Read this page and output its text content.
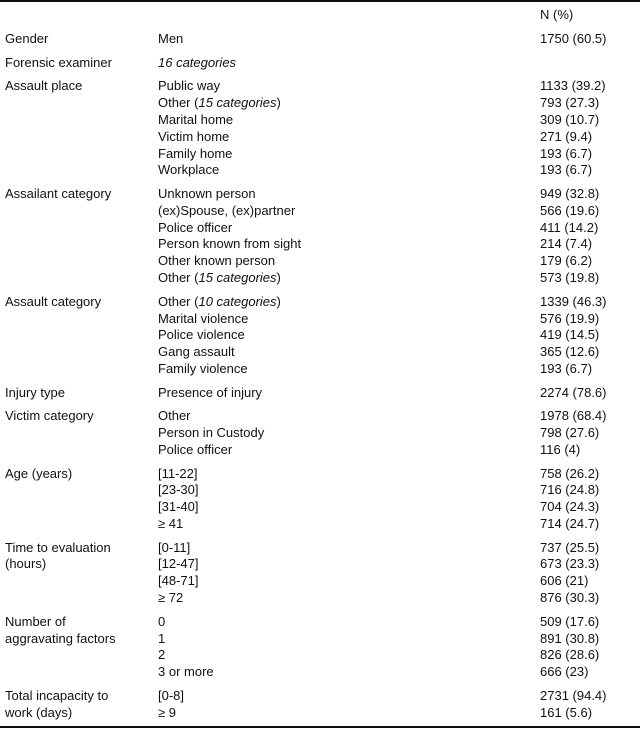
N (%)
Gender	Men	1750 (60.5)
Forensic examiner	16 categories
Assault place	Public way	1133 (39.2)
Other (15 categories)	793 (27.3)
Marital home	309 (10.7)
Victim home	271 (9.4)
Family home	193 (6.7)
Workplace	193 (6.7)
Assailant category	Unknown person	949 (32.8)
(ex)Spouse, (ex)partner	566 (19.6)
Police officer	411 (14.2)
Person known from sight	214 (7.4)
Other known person	179 (6.2)
Other (15 categories)	573 (19.8)
Assault category	Other (10 categories)	1339 (46.3)
Marital violence	576 (19.9)
Police violence	419 (14.5)
Gang assault	365 (12.6)
Family violence	193 (6.7)
Injury type	Presence of injury	2274 (78.6)
Victim category	Other	1978 (68.4)
Person in Custody	798 (27.6)
Police officer	116 (4)
Age (years)	[11-22]	758 (26.2)
[23-30]	716 (24.8)
[31-40]	704 (24.3)
≥ 41	714 (24.7)
Time to evaluation
(hours)
[0-11]	737 (25.5)
[12-47]	673 (23.3)
[48-71]	606 (21)
≥ 72	876 (30.3)
Number of
aggravating factors
0	509 (17.6)
1	891 (30.8)
2	826 (28.6)
3 or more	666 (23)
Total incapacity to
work (days)
[0-8]	2731 (94.4)
≥ 9	161 (5.6)
